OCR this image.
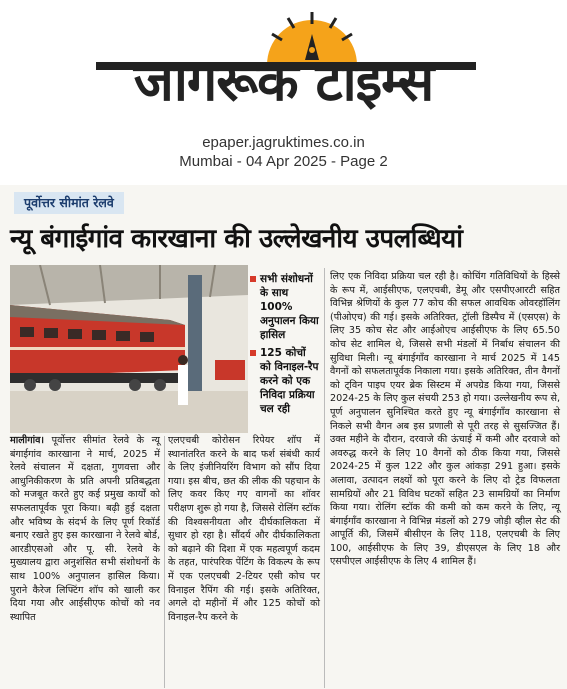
जागरूक टाइम्स
epaper.jagruktimes.co.in
Mumbai - 04 Apr 2025 - Page 2
पूर्वोत्तर सीमांत रेलवे
न्यू बंगाईगांव कारखाना की उल्लेखनीय उपलब्धियां
सभी संशोधनों के साथ 100% अनुपालन किया हासिल
125 कोचों को विनाइल-रैप करने को एक निविदा प्रक्रिया चल रही
मालीगांव। पूर्वोत्तर सीमांत रेलवे के न्यू बंगाईगांव कारखाना ने मार्च, 2025 में रेलवे संचालन में दक्षता, गुणवत्ता और आधुनिकीकरण के प्रति अपनी प्रतिबद्धता को मजबूत करते हुए कई प्रमुख कार्यों को सफलतापूर्वक पूरा किया। बढ़ी हुई दक्षता और भविष्य के संदर्भ के लिए पूर्ण रिकॉर्ड बनाए रखते हुए इस कारखाना ने रेलवे बोर्ड, आरडीएसओ और पू. सी. रेलवे के मुख्यालय द्वारा अनुशंसित सभी संशोधनों के साथ 100% अनुपालन हासिल किया। पुराने कैरेज लिफ्टिंग शॉप को खाली कर दिया गया और आईसीएफ कोचों को नव स्थापित
एलएचबी कोरोसन रिपेयर शॉप में स्थानांतरित करने के बाद फर्श संबंधी कार्य के लिए इंजीनियरिंग विभाग को सौंप दिया गया। इस बीच, छत की लीक की पहचान के लिए कवर किए गए वागनों का शॉवर परीक्षण शुरू हो गया है, जिससे रोलिंग स्टॉक की विश्वसनीयता और दीर्घकालिकता में सुधार हो रहा है। सौंदर्य और दीर्घकालिकता को बढ़ाने की दिशा में एक महत्वपूर्ण कदम के तहत, पारंपरिक पेंटिंग के विकल्प के रूप में एक एलएचबी 2-टियर एसी कोच पर विनाइल रैपिंग की गई। इसके अतिरिक्त, अगले दो महीनों में और 125 कोचों को विनाइल-रैप करने के
लिए एक निविदा प्रक्रिया चल रही है। कोचिंग गतिविधियों के हिस्से के रूप में, आईसीएफ, एलएचबी, डेमू और एसपीएआरटी सहित विभिन्न श्रेणियों के कुल 77 कोच की सफल आवधिक ओवरहॉलिंग (पीओएच) की गई। इसके अतिरिक्त, ट्रॉली डिस्पैच में (एसएस) के लिए 35 कोच सेट और आईओएच आईसीएफ के लिए 65.50 कोच सेट शामिल थे, जिससे सभी मंडलों में निर्बाध संचालन की सुविधा मिली। न्यू बंगाईगाँव कारखाना ने मार्च 2025 में 145 वैगनों को सफलतापूर्वक निकाला गया। इसके अतिरिक्त, तीन वैगनों को ट्विन पाइप एयर ब्रेक सिस्टम में अपग्रेड किया गया, जिससे 2024-25 के लिए कुल संचयी 253 हो गया। उल्लेखनीय रूप से, पूर्ण अनुपालन सुनिश्चित करते हुए न्यू बंगाईगाँव कारखाना से निकले सभी वैगन अब इस प्रणाली से पूरी तरह से सुसज्जित हैं। उक्त महीने के दौरान, दरवाजे की ऊंचाई में कमी और दरवाजे को अवरुद्ध करने के लिए 10 वैगनों को ठीक किया गया, जिससे 2024-25 में कुल 122 और कुल आंकड़ा 291 हुआ। इसके अलावा, उत्पादन लक्ष्यों को पूरा करने के लिए दो ट्रेड विफलता सामग्रियों और 21 विविध घटकों सहित 23 सामग्रियों का निर्माण किया गया। रोलिंग स्टॉक की कमी को कम करने के लिए, न्यू बंगाईगाँव कारखाना ने विभिन्न मंडलों को 279 जोड़ी व्हील सेट की आपूर्ति की, जिसमें बीसीएन के लिए 118, एलएचबी के लिए 100, आईसीएफ के लिए 39, डीएसएल के लिए 18 और एसपीएल आईसीएफ के लिए 4 शामिल हैं।
